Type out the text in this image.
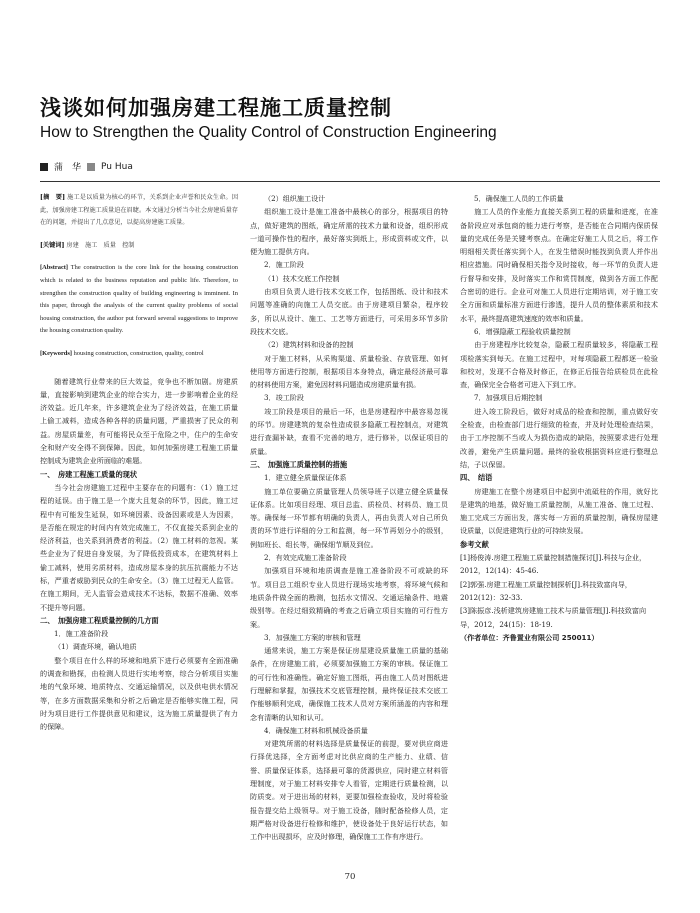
浅谈如何加强房建工程施工质量控制
How to Strengthen the Quality Control of Construction Engineering
蒲　华 Pu Hua

[摘　要] 施工是以质量为核心的环节，关系到企业声誉和民众生命。因此，加强房建工程施工质量迫在眉睫。本文通过分析当今社会房建质量存在的问题，并提出了几点意见，以提高房建施工质量。

[关键词] 房建　施工　质量　控制

[Abstract] The construction is the core link for the housing construction which is related to the business reputation and public life. Therefore, to strengthen the construction quality of building engineering is imminent. In this paper, through the analysis of the current quality problems of social housing construction, the author put forward several suggestions to improve the housing construction quality.

[Keywords] housing construction, construction, quality, control

随着建筑行业带来的巨大效益，竞争也不断加剧。房建质量，直接影响到建筑企业的综合实力，进一步影响着企业的经济效益。近几年来，许多建筑企业为了经济效益，在施工质量上偷工减料，造成各种各样的质量问题，严重损害了民众的利益。房屋质量差，有可能将民众至于危险之中，住户的生命安全和财产安全得不到保障。因此，如何加强房建工程施工质量控制成为建筑企业所面临的难题。

一、　房建工程施工质量的现状

当今社会房建施工过程中主要存在的问题有：（1）施工过程的延误。由于施工是一个庞大且复杂的环节，因此，施工过程中有可能发生延误，如环境因素、设备因素或是人为因素，是否能在规定的时间内有效完成施工，不仅直接关系到企业的经济利益，也关系到消费者的利益。（2）施工材料的忽视。某些企业为了促进自身发展，为了降低投资成本，在建筑材料上偷工减料，使用劣质材料，造成房屋本身的抗压抗震能力不达标，严重者威胁到民众的生命安全。（3）施工过程无人监管。在施工期间，无人监管会造成技术不达标，数据不准确、效率不提升等问题。

二、　加强房建工程质量控制的几方面

1．施工准备阶段

（1）调查环境，确认地质

整个项目在什么样的环境和地质下进行必须要有全面准确的调查和勘探，由检测人员进行实地考察，综合分析项目实施地的气象环境、地质特点、交通运输情况，以及供电供水情况等，在多方面数据采集和分析之后确定是否能够实施工程，同时为项目进行工作提供意见和建议，这为施工质量提供了有力的保障。

（2）组织施工设计

组织施工设计是施工准备中最核心的部分，根据项目的特点，做好建筑的图纸，确定所需的技术力量和设备，组织形成一道可操作性的程序，最好落实到纸上，形成资料或文件，以便为施工提供方向。

2．施工阶段

（1）技术交底工作控制

由项目负责人进行技术交底工作，包括图纸、设计和技术问题等准确的向施工人员交底。由于房建项目繁杂，程序较多，所以从设计、施工、工艺等方面进行，可采用多环节多阶段技术交底。

（2）建筑材料和设备的控制

对于施工材料，从采购渠道、质量检验、存放管理、如何使用等方面进行控制，根据项目本身特点，确定最经济最可靠的材料使用方案，避免因材料问题造成房建质量有损。

3．竣工阶段

竣工阶段是项目的最后一环，也是房建程序中最容易忽视的环节。房建建筑的复杂性造成很多隐蔽工程控制点，对建筑进行查漏补缺，查看不完善的地方，进行修补，以保证项目的质量。

三、　加强施工质量控制的措施

1．建立健全质量保证体系

施工单位要确立质量管理人员领导班子以建立健全质量保证体系。比如项目经理、项目总监、质检员、材料员、施工员等。确保每一环节都有明确的负责人，再由负责人对自己所负责的环节进行详细的分工和监测，每一环节再划分小的级别，例如班长、组长等，确保细节顺及到位。

2．有效完成施工准备阶段

加强项目环境和地质调查是施工准备阶段不可或缺的环节。项目总工组织专业人员进行现场实地考察，将环境气候和地质条件做全面的勘测，包括水文情况、交通运输条件、地震级别等。在经过细致精确的考查之后确立项目实施的可行性方案。

3．加强施工方案的审核和管理

通常来说，施工方案是保证房屋建设质量施工质量的基础条件，在房建施工前，必须要加强施工方案的审核。保证施工的可行性和准确性。确定好施工图纸，再由施工人员对图纸进行理解和掌握，加强技术交底管理控制，最终保证技术交底工作能够顺利完成，确保施工技术人员对方案所涵盖的内容和理念有清晰的认知和认可。

4．确保施工材料和机械设备质量

对建筑所需的材料选择是质量保证的前提，要对供应商进行择优选择，全方面考虑对比供应商的生产能力、业绩、信誉、质量保证体系，选择最可靠的货源供应，同时建立材料管理制度，对于施工材料安排专人看管，定期进行质量检测，以防质变。对于进出场的材料，更要加强检查验收，及时将检验报告提交给上级领导。对于施工设备，随时配备检修人员，定期严格对设备进行检修和维护，使设备处于良好运行状态，如工作中出现损坏，应及时修理，确保施工工作有序进行。

5．确保施工人员的工作质量

施工人员的作业能力直接关系到工程的质量和进度，在准备阶段应对承包商的能力进行考察，是否能在合同期内保质保量的完成任务是关键考察点。在确定好施工人员之后，将工作明细相关责任落实到个人，在发生错误时能找到负责人并作出相应措施。同时确保相关指令及时接收，每一环节的负责人进行督导和安排，及时落实工作和赏罚制度，做到各方面工作配合密切的进行。企业可对施工人员进行定期培训，对于施工安全方面和质量标准方面进行渗透，提升人员的整体素质和技术水平，最终提高建筑速度的效率和质量。

6．增强隐蔽工程验收质量控制

由于房建程序比较复杂，隐蔽工程质量较多，将隐蔽工程项检落实到每天。在施工过程中，对每项隐蔽工程都逐一检验和校对，发现不合格及时修正，在修正后报告给质检员在此检查，确保完全合格者可进入下到工序。

7．加强项目后期控制

进入竣工阶段后，做好对成品的检查和控制，重点做好安全检查，由检查部门进行细致的检查，并及时处理检查结果，由于工序控制不当或人为损伤造成的缺陷，按照要求进行处理改善，避免产生质量问题。最终的验收根据资料应进行整理总结，子以保留。

四、　结语

房建施工在整个房建项目中起到中流砥柱的作用，就好比是建筑的地基，做好施工质量控制，从施工准备、施工过程、施工完成三方面出发，落实每一方面的质量控制，确保房屋建设质量，以促进建筑行业的可持续发展。

参考文献

[1]杨俊涛.房建工程施工质量控制措施探讨[J].科技与企业，2012，12(14)：45-46.

[2]郭强.房建工程施工质量控制探析[J].科技致富向导，2012(12)：32-33.

[3]陈振彦.浅析建筑房建施工技术与质量管理[J].科技致富向导，2012，24(15)：18-19.

（作者单位：齐鲁置业有限公司 250011）

70
